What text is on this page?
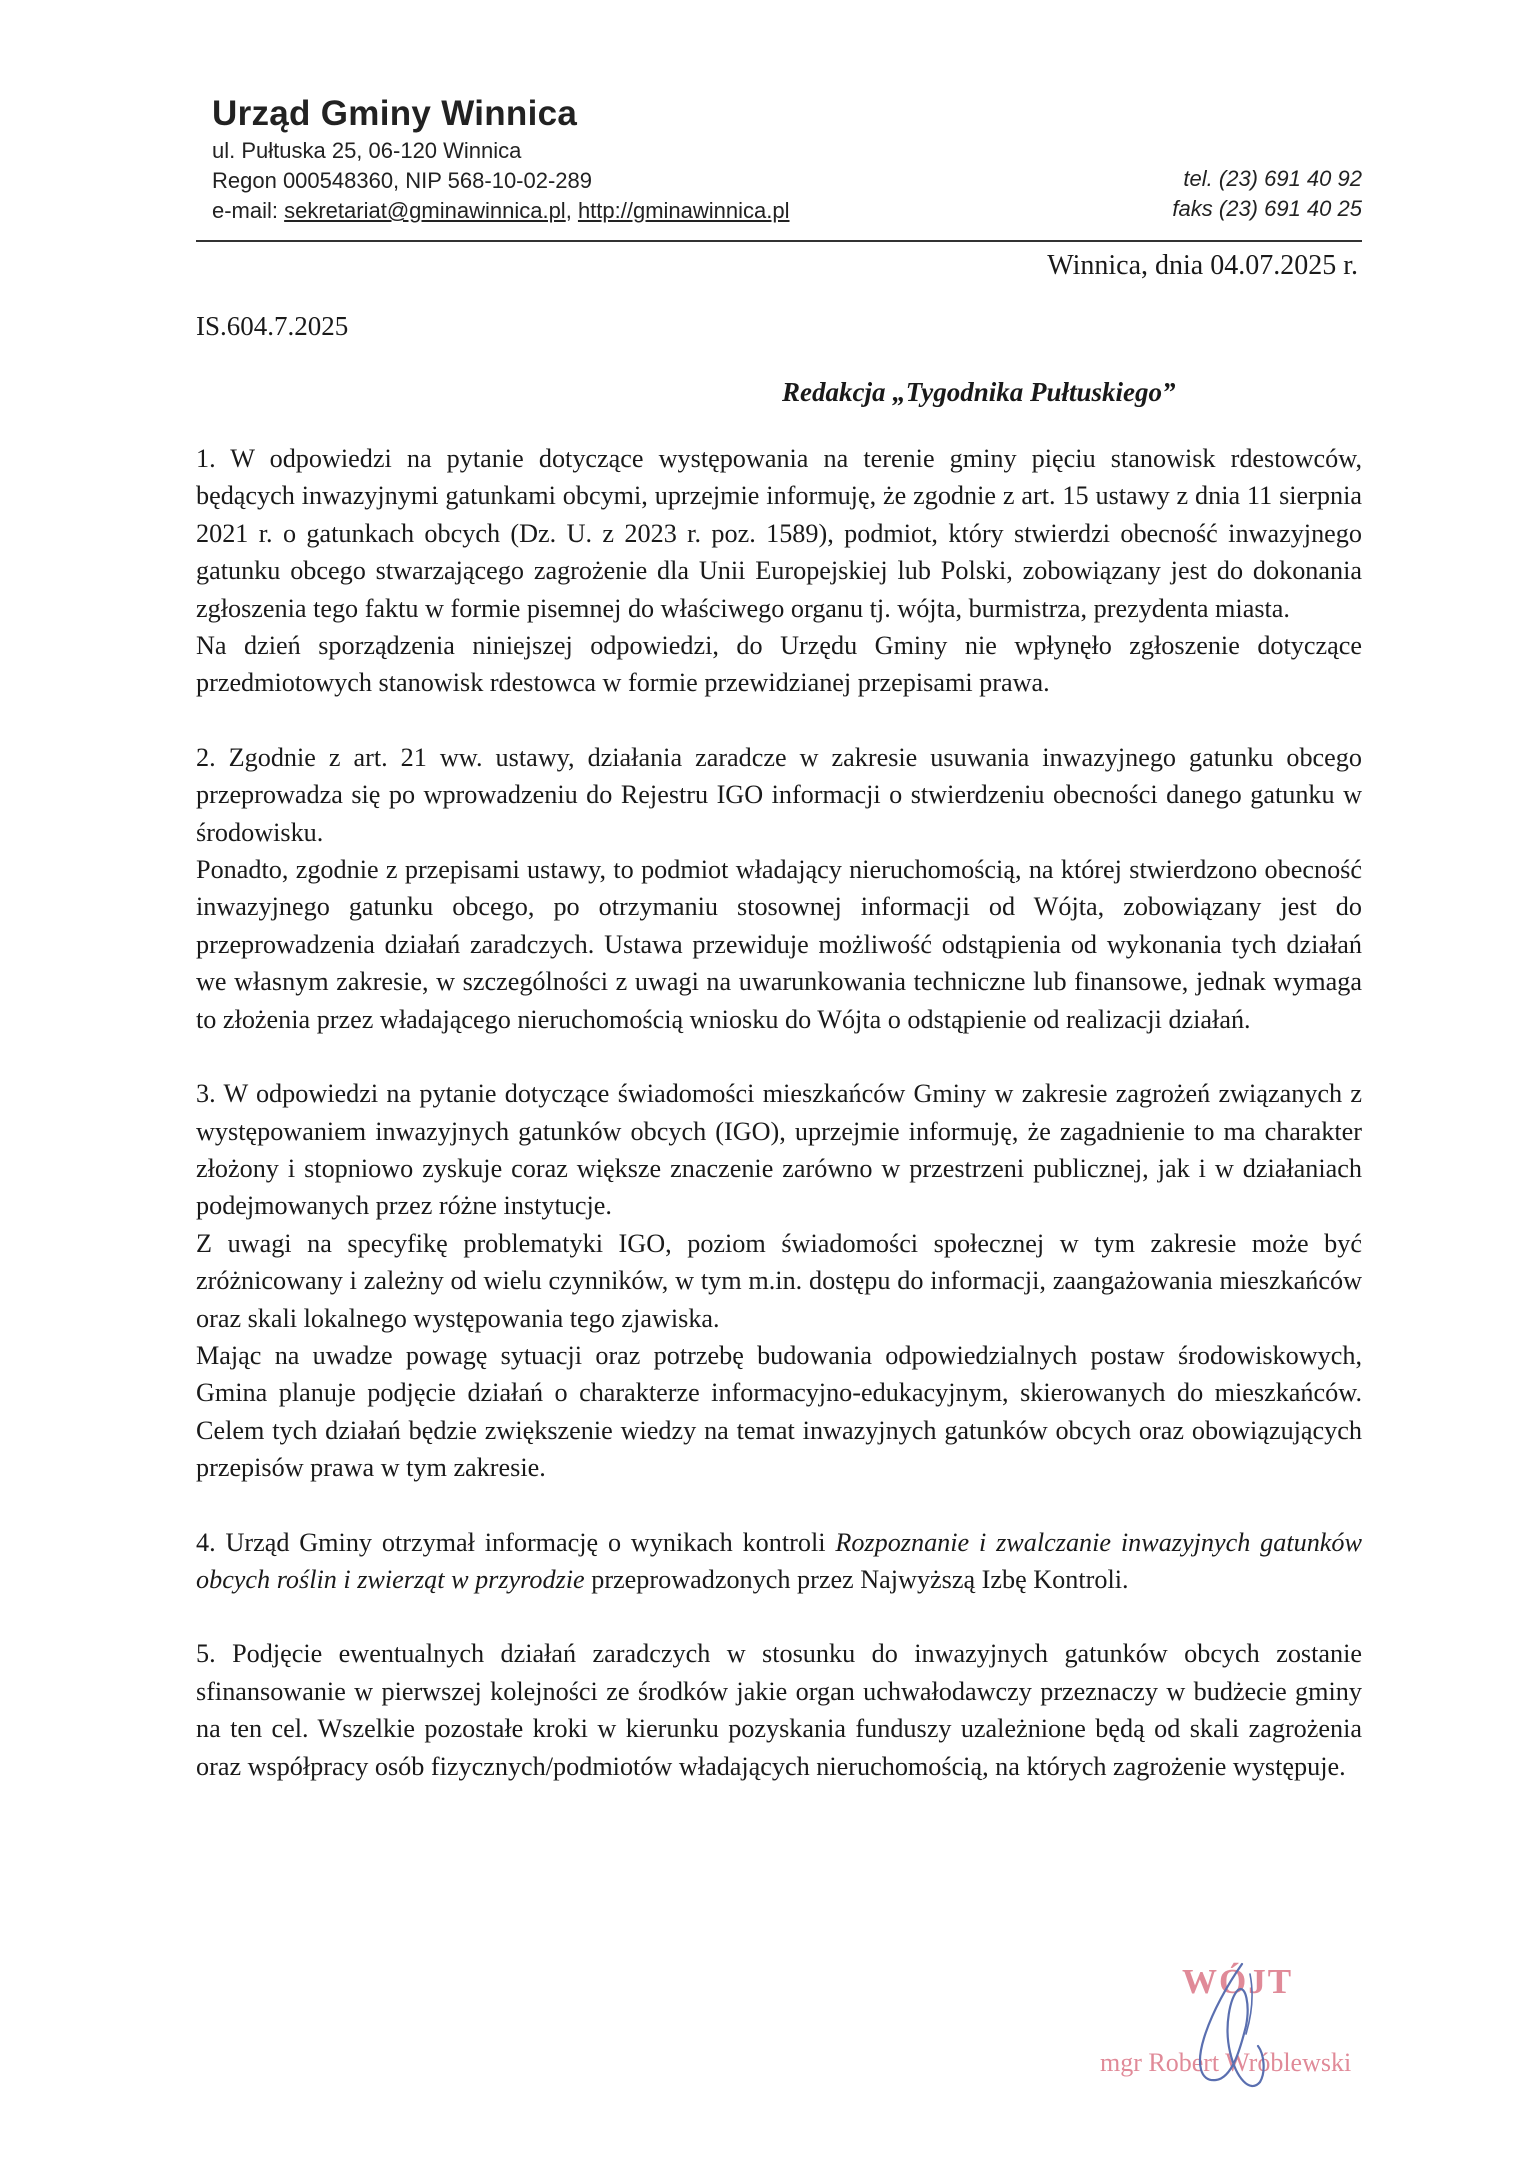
Urząd Gminy Winnica
ul. Pułtuska 25, 06-120 Winnica
Regon 000548360, NIP 568-10-02-289
e-mail: sekretariat@gminawinnica.pl, http://gminawinnica.pl
tel. (23) 691 40 92
faks (23) 691 40 25
Winnica, dnia 04.07.2025 r.
IS.604.7.2025
Redakcja „Tygodnika Pułtuskiego”

1. W odpowiedzi na pytanie dotyczące występowania na terenie gminy pięciu stanowisk rdestowców, będących inwazyjnymi gatunkami obcymi, uprzejmie informuję, że zgodnie z art. 15 ustawy z dnia 11 sierpnia 2021 r. o gatunkach obcych (Dz. U. z 2023 r. poz. 1589), podmiot, który stwierdzi obecność inwazyjnego gatunku obcego stwarzającego zagrożenie dla Unii Europejskiej lub Polski, zobowiązany jest do dokonania zgłoszenia tego faktu w formie pisemnej do właściwego organu tj. wójta, burmistrza, prezydenta miasta.

Na dzień sporządzenia niniejszej odpowiedzi, do Urzędu Gminy nie wpłynęło zgłoszenie dotyczące przedmiotowych stanowisk rdestowca w formie przewidzianej przepisami prawa.

2. Zgodnie z art. 21 ww. ustawy, działania zaradcze w zakresie usuwania inwazyjnego gatunku obcego przeprowadza się po wprowadzeniu do Rejestru IGO informacji o stwierdzeniu obecności danego gatunku w środowisku.

Ponadto, zgodnie z przepisami ustawy, to podmiot władający nieruchomością, na której stwierdzono obecność inwazyjnego gatunku obcego, po otrzymaniu stosownej informacji od Wójta, zobowiązany jest do przeprowadzenia działań zaradczych. Ustawa przewiduje możliwość odstąpienia od wykonania tych działań we własnym zakresie, w szczególności z uwagi na uwarunkowania techniczne lub finansowe, jednak wymaga to złożenia przez władającego nieruchomością wniosku do Wójta o odstąpienie od realizacji działań.

3. W odpowiedzi na pytanie dotyczące świadomości mieszkańców Gminy w zakresie zagrożeń związanych z występowaniem inwazyjnych gatunków obcych (IGO), uprzejmie informuję, że zagadnienie to ma charakter złożony i stopniowo zyskuje coraz większe znaczenie zarówno w przestrzeni publicznej, jak i w działaniach podejmowanych przez różne instytucje.

Z uwagi na specyfikę problematyki IGO, poziom świadomości społecznej w tym zakresie może być zróżnicowany i zależny od wielu czynników, w tym m.in. dostępu do informacji, zaangażowania mieszkańców oraz skali lokalnego występowania tego zjawiska.

Mając na uwadze powagę sytuacji oraz potrzebę budowania odpowiedzialnych postaw środowiskowych, Gmina planuje podjęcie działań o charakterze informacyjno-edukacyjnym, skierowanych do mieszkańców. Celem tych działań będzie zwiększenie wiedzy na temat inwazyjnych gatunków obcych oraz obowiązujących przepisów prawa w tym zakresie.

4. Urząd Gminy otrzymał informację o wynikach kontroli Rozpoznanie i zwalczanie inwazyjnych gatunków obcych roślin i zwierząt w przyrodzie przeprowadzonych przez Najwyższą Izbę Kontroli.

5. Podjęcie ewentualnych działań zaradczych w stosunku do inwazyjnych gatunków obcych zostanie sfinansowanie w pierwszej kolejności ze środków jakie organ uchwałodawczy przeznaczy w budżecie gminy na ten cel. Wszelkie pozostałe kroki w kierunku pozyskania funduszy uzależnione będą od skali zagrożenia oraz współpracy osób fizycznych/podmiotów władających nieruchomością, na których zagrożenie występuje.

WÓJT
mgr Robert Wróblewski
